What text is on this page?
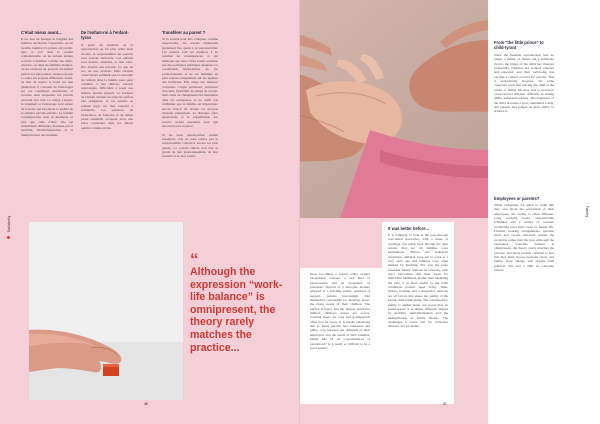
Solidarity
C'était mieux avant...
Il est aisé de fustiger la fragilité des familles nucléaires. Cependant, aucun modèle familial n'a jamais été parfait. Que ce soit dans la société préindustrielle, où les enfants étaient souvent considérés comme une main-d'œuvre, ou dans les familles élargies, où les relations de pouvoir écrasaient parfois les plus jeunes, chaque époque a connu ses propres difficultés. Aussi, au lieu de rejeter la faute sur une génération, il convient de s'interroger sur les conditions matérielles et sociales dans lesquelles les parents exercent leur rôle. Le temps, l'argent, le logement et l'entourage sont autant de facteurs qui façonnent la qualité de la relation parents-enfants. La famille contemporaine n'est ni meilleure ni pire que celle d'hier: elle est simplement différente, marquée par la mobilité, l'individualisation et la multiplication des modèles.
De l'enfant-roi à l'enfant-tyran
À partir du moment où la reproduction ne fut plus subie mais choisie, la responsabilité des parents s'est trouvée renforcée. Les enfants sont désirés, attendus, et leur bien-être devient une priorité. Ce qui, en soi, est une avancée. Mais certains observateurs estiment que la centralité de l'enfant dans la famille peut aussi conduire à des dérives: enfants surprotégés, difficultés à poser des limites, parents épuisés. Le bonheur de l'enfant devient un objectif, parfois une obligation, et les parents se sentent jugés sur leur capacité à l'atteindre. Les questions de l'éducation, de l'autorité et du temps passé ensemble occupent alors une place croissante dans les débats publics comme privés.
Transférer au parent ?
Si la société peut être critiquée, comme responsable, les acteurs demeurent également liés quant à la responsabilité. Les parents sont les premiers à en assumer les conséquences, ce qui implique que leurs choix soient soutenus par des politiques publiques adaptées. La conciliation harmonieuse de vie professionnelle et de vie familiale ne peut reposer uniquement sur les épaules des individus. Elle exige des mesures concrètes: congés parentaux, structures d'accueil, flexibilité du temps de travail, mais aussi un changement des mentalités dans les entreprises. Il ne suffit pas d'affirmer que la famille est importante; encore faut-il lui donner les moyens d'exister pleinement. Le dialogue entre générations et la transmission des savoirs restent essentiels pour que chacun trouve sa place.

Si les liens parent-enfant restent essentiels, cela ne nous enlève pas la responsabilité collective envers les plus jeunes. La société entière doit être le garant de leur épanouissement, de leur sécurité et de leur avenir.
46
“
Although the expression “work-life balance” is omnipresent, the theory rarely matches the practice...
Does becoming a parent really require exceptional courage, a rare kind of perseverance and an acceptance of privation? Devoid of a surrogate mother, stripped of a full-time nanny, deprived of support, parents increasingly find themselves responsible for meeting, alone, the many needs of their children. The burden is heavy and the support structures limited: childcare places are scarce, working hours are long and grandparents often live far away. It is hardly surprising that so many parents feel exhausted and guilty, torn between the demands of their employers and the needs of their families. Might this be an overestimation of parenthood? Is it really so difficult to be a good parent?
It was better before...
It is tempting to look at the past through rose-tinted spectacles, with a sense of nostalgia, but going back through the ages reveals that not all families were harmonious. Before the industrial revolution, children were put to work at a very early age and families were often marked by hardship. Nor was the large extended family without its tensions, with strict hierarchies and little room for individual fulfilment. Rather than idealising the past, it is more useful to ask what conditions parents need today. Time, money, housing and a supportive network are all factors that shape the quality of the parent-child relationship. The contemporary family is neither better nor worse than its predecessors: it is simply different, shaped by mobility, individualisation and the multiplication of family models. The challenges it faces call for collective answers, not for blame.
From “the little prince” to child-tyrant
Since the moment reproduction was no longer a matter of chance but a deliberate choice, the image of the child has changed profoundly. Children are wanted, planned and expected, and their well-being has become a central concern for parents. This is undoubtedly progress. Yet some observers warn that placing the child at the centre of family life may lead to excesses: overprotected children, difficulty in setting limits, exhausted parents. The happiness of the child becomes a goal, sometimes a duty, and parents feel judged on their ability to achieve it.
Employees or parents?
While companies are quick to claim that they care about the well-being of their employees, the reality is often different. Long working hours, unpredictable schedules and a culture of constant availability leave little room for family life. Flexible working arrangements, parental leave and on-site childcare remain the exception rather than the rule. Although the expression work-life balance is omnipresent, the theory rarely matches the practice, and many parents continue to feel that they must choose between career and family. Real change will require both political will and a shift in corporate culture.
Family
47
